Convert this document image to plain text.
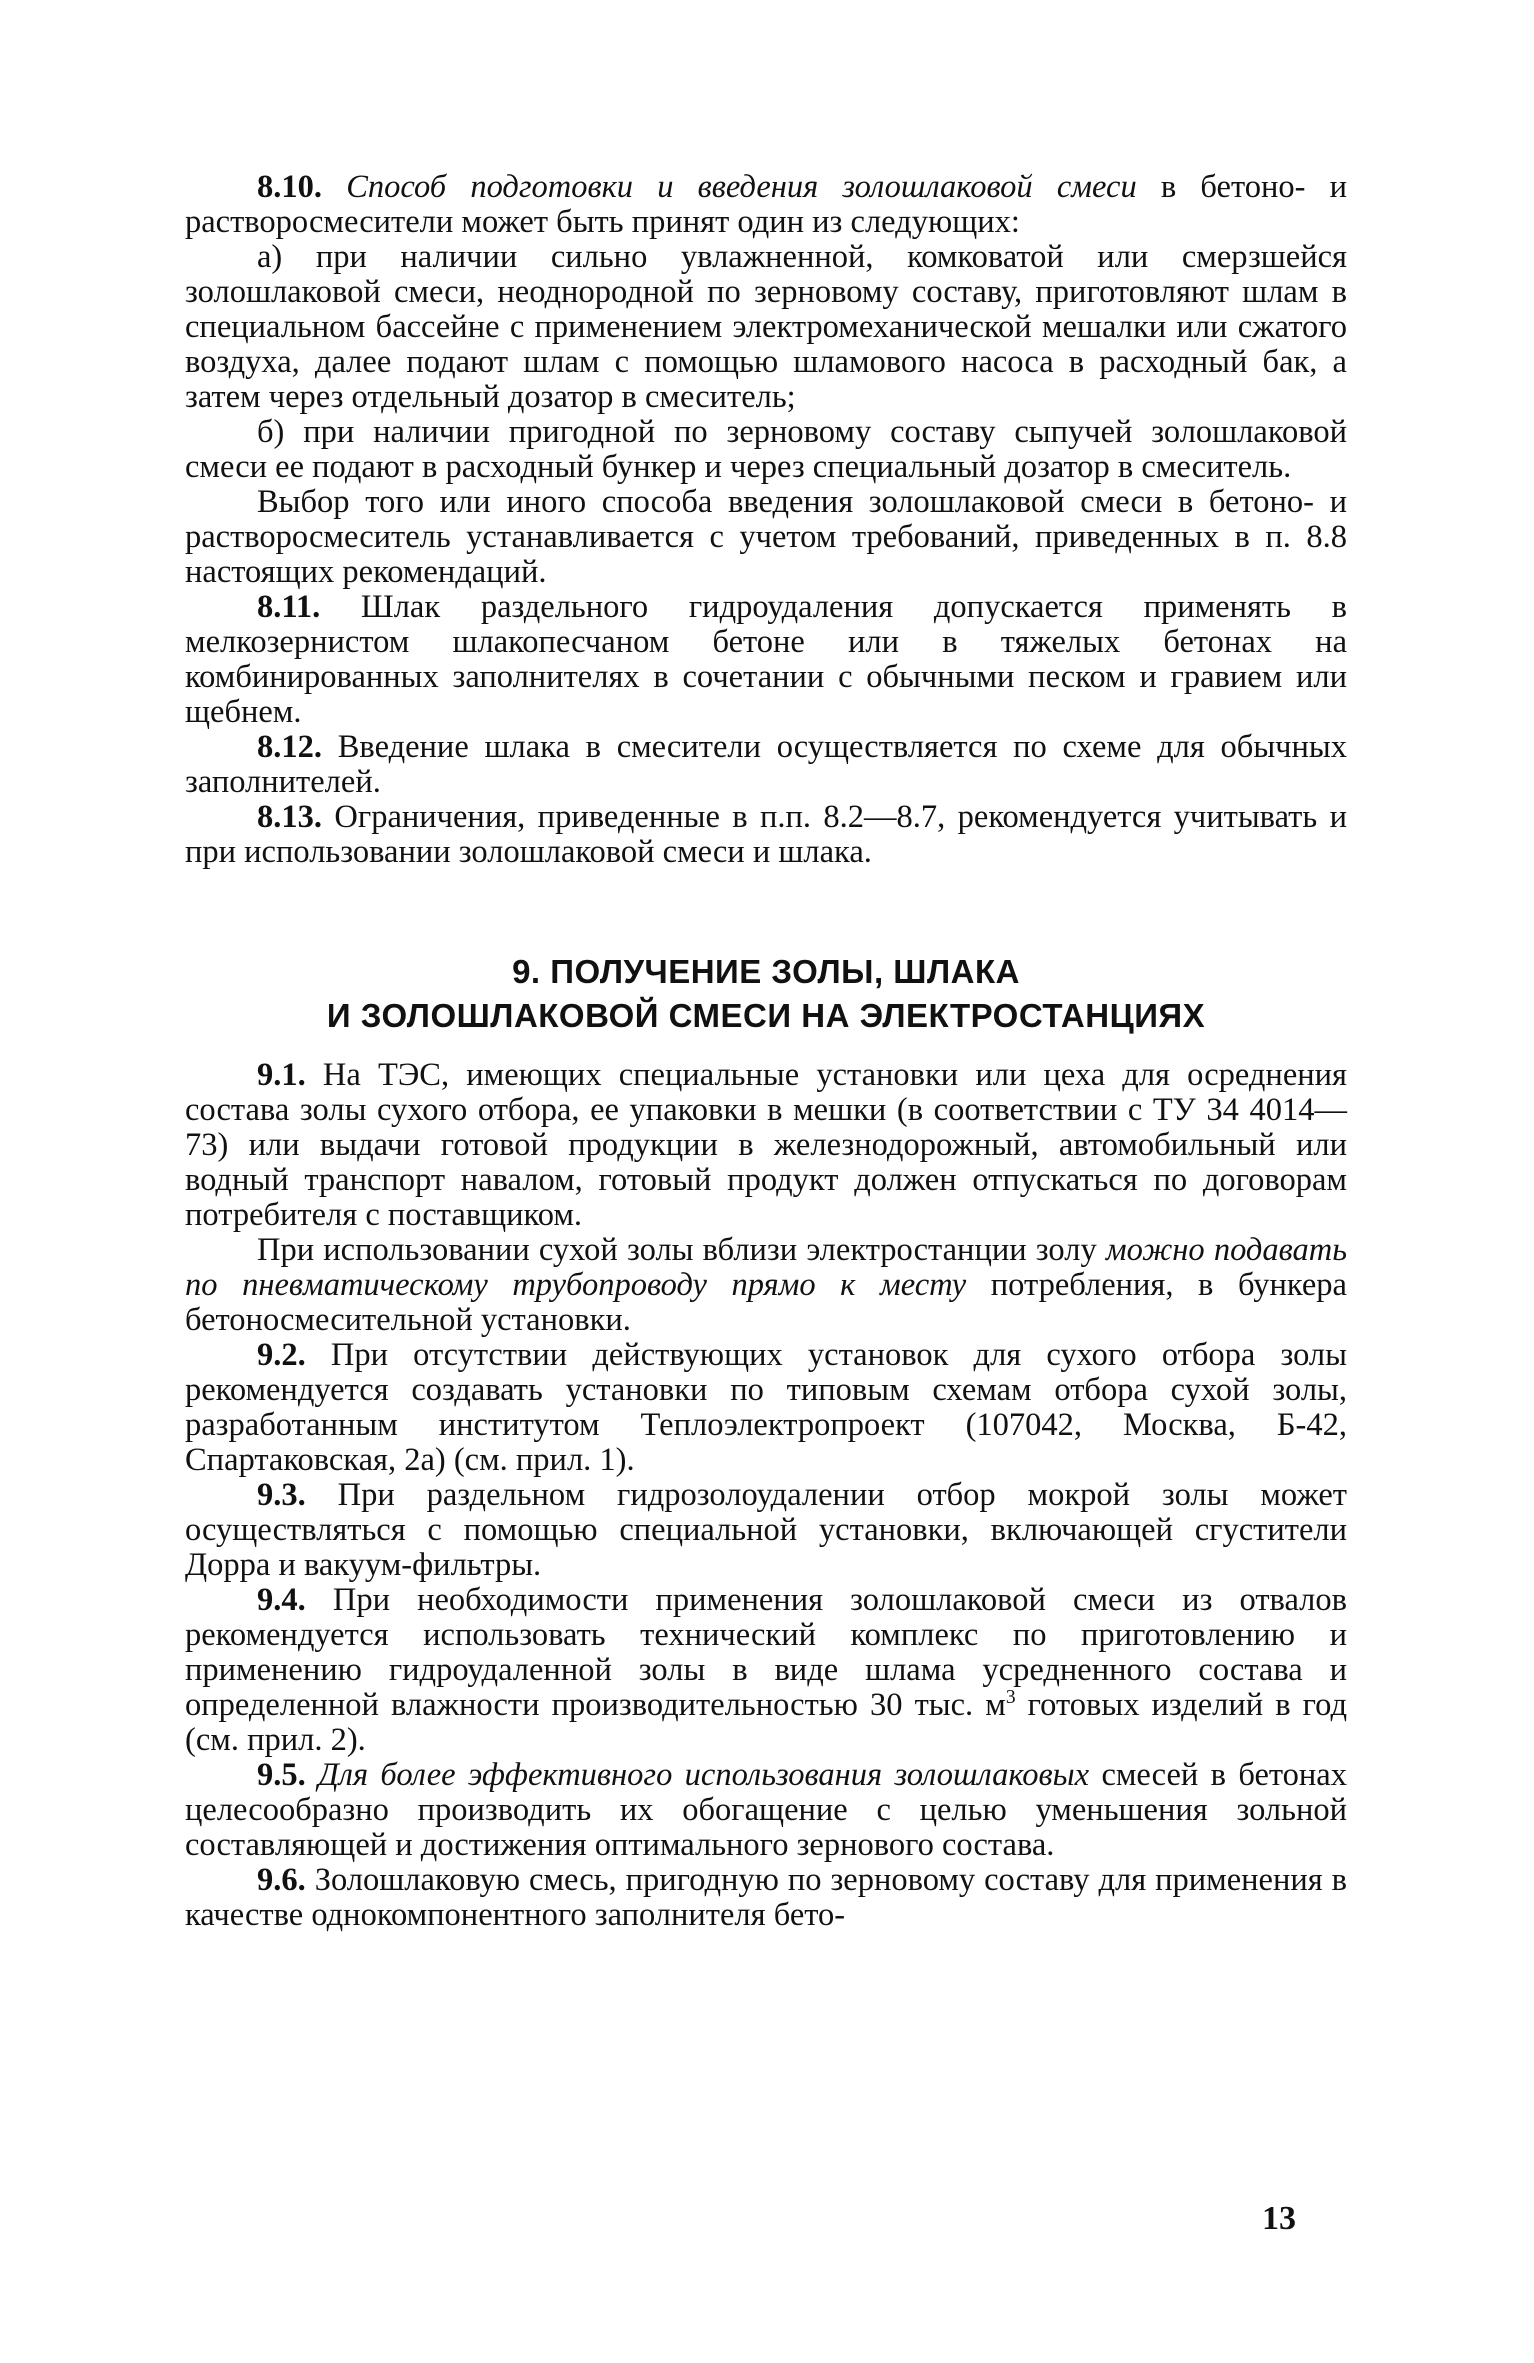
8.10. Способ подготовки и введения золошлаковой смеси в бетоно- и растворосмесители может быть принят один из следующих:

а) при наличии сильно увлажненной, комковатой или смерзшейся золошлаковой смеси, неоднородной по зерновому составу, приготовляют шлам в специальном бассейне с применением электромеханической мешалки или сжатого воздуха, далее подают шлам с помощью шламового насоса в расходный бак, а затем через отдельный дозатор в смеситель;

б) при наличии пригодной по зерновому составу сыпучей золошлаковой смеси ее подают в расходный бункер и через специальный дозатор в смеситель.

Выбор того или иного способа введения золошлаковой смеси в бетоно- и растворосмеситель устанавливается с учетом требований, приведенных в п. 8.8 настоящих рекомендаций.

8.11. Шлак раздельного гидроудаления допускается применять в мелкозернистом шлакопесчаном бетоне или в тяжелых бетонах на комбинированных заполнителях в сочетании с обычными песком и гравием или щебнем.

8.12. Введение шлака в смесители осуществляется по схеме для обычных заполнителей.

8.13. Ограничения, приведенные в п.п. 8.2—8.7, рекомендуется учитывать и при использовании золошлаковой смеси и шлака.

9. ПОЛУЧЕНИЕ ЗОЛЫ, ШЛАКА
И ЗОЛОШЛАКОВОЙ СМЕСИ НА ЭЛЕКТРОСТАНЦИЯХ

9.1. На ТЭС, имеющих специальные установки или цеха для осреднения состава золы сухого отбора, ее упаковки в мешки (в соответствии с ТУ 34 4014—73) или выдачи готовой продукции в железнодорожный, автомобильный или водный транспорт навалом, готовый продукт должен отпускаться по договорам потребителя с поставщиком.

При использовании сухой золы вблизи электростанции золу можно подавать по пневматическому трубопроводу прямо к месту потребления, в бункера бетоносмесительной установки.

9.2. При отсутствии действующих установок для сухого отбора золы рекомендуется создавать установки по типовым схемам отбора сухой золы, разработанным институтом Теплоэлектропроект (107042, Москва, Б-42, Спартаковская, 2а) (см. прил. 1).

9.3. При раздельном гидрозолоудалении отбор мокрой золы может осуществляться с помощью специальной установки, включающей сгустители Дорра и вакуум-фильтры.

9.4. При необходимости применения золошлаковой смеси из отвалов рекомендуется использовать технический комплекс по приготовлению и применению гидроудаленной золы в виде шлама усредненного состава и определенной влажности производительностью 30 тыс. $м^3$ готовых изделий в год (см. прил. 2).

9.5. Для более эффективного использования золошлаковых смесей в бетонах целесообразно производить их обогащение с целью уменьшения зольной составляющей и достижения оптимального зернового состава.

9.6. Золошлаковую смесь, пригодную по зерновому составу для применения в качестве однокомпонентного заполнителя бето-

13
